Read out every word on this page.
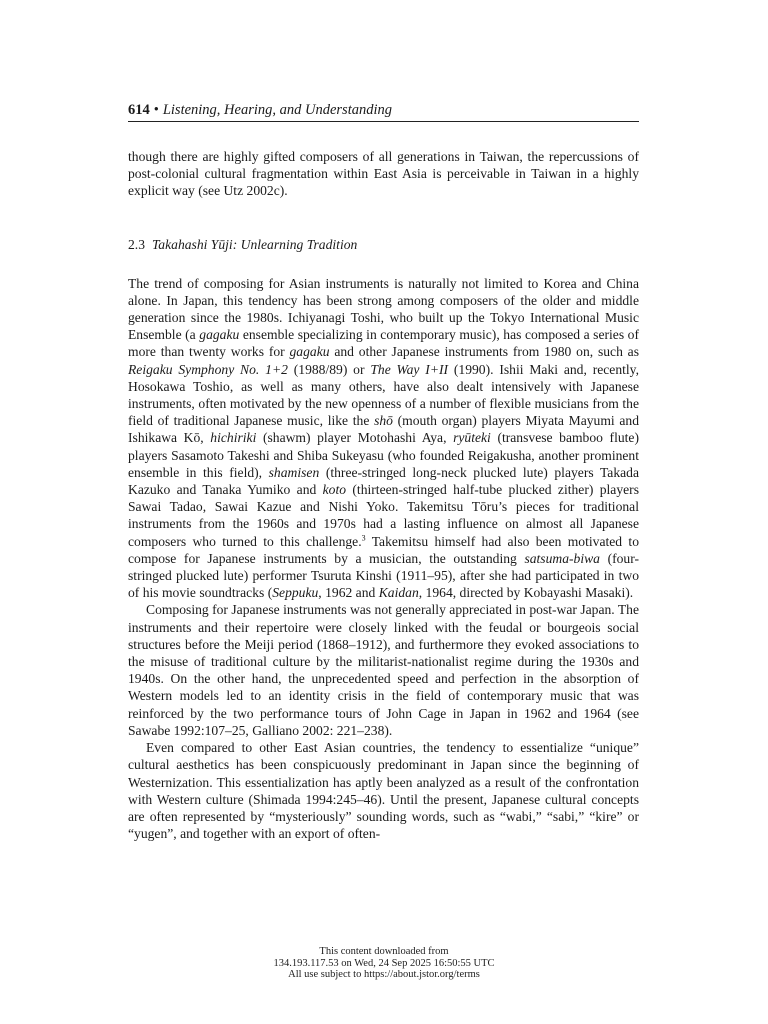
614 • Listening, Hearing, and Understanding

though there are highly gifted composers of all generations in Taiwan, the repercussions of post-colonial cultural fragmentation within East Asia is perceivable in Taiwan in a highly explicit way (see Utz 2002c).

2.3 Takahashi Yūji: Unlearning Tradition

The trend of composing for Asian instruments is naturally not limited to Korea and China alone. In Japan, this tendency has been strong among composers of the older and middle generation since the 1980s. Ichiyanagi Toshi, who built up the Tokyo International Music Ensemble (a gagaku ensemble specializing in contemporary music), has composed a series of more than twenty works for gagaku and other Japanese instruments from 1980 on, such as Reigaku Symphony No. 1+2 (1988/89) or The Way I+II (1990). Ishii Maki and, recently, Hosokawa Toshio, as well as many others, have also dealt intensively with Japanese instruments, often motivated by the new openness of a number of flexible musicians from the field of traditional Japanese music, like the shō (mouth organ) players Miyata Mayumi and Ishikawa Kō, hichiriki (shawm) player Motohashi Aya, ryūteki (transvese bamboo flute) players Sasamoto Takeshi and Shiba Sukeyasu (who founded Reigakusha, another prominent ensemble in this field), shamisen (three-stringed long-neck plucked lute) players Takada Kazuko and Tanaka Yumiko and koto (thirteen-stringed half-tube plucked zither) players Sawai Tadao, Sawai Kazue and Nishi Yoko. Takemitsu Tōru’s pieces for traditional instruments from the 1960s and 1970s had a lasting influence on almost all Japanese composers who turned to this challenge.$^3$ Takemitsu himself had also been motivated to compose for Japanese instruments by a musician, the outstanding satsuma-biwa (four-stringed plucked lute) performer Tsuruta Kinshi (1911–95), after she had participated in two of his movie soundtracks (Seppuku, 1962 and Kaidan, 1964, directed by Kobayashi Masaki).

Composing for Japanese instruments was not generally appreciated in post-war Japan. The instruments and their repertoire were closely linked with the feudal or bourgeois social structures before the Meiji period (1868–1912), and furthermore they evoked associations to the misuse of traditional culture by the militarist-nationalist regime during the 1930s and 1940s. On the other hand, the unprecedented speed and perfection in the absorption of Western models led to an identity crisis in the field of contemporary music that was reinforced by the two performance tours of John Cage in Japan in 1962 and 1964 (see Sawabe 1992:107–25, Galliano 2002: 221–238).

Even compared to other East Asian countries, the tendency to essentialize “unique” cultural aesthetics has been conspicuously predominant in Japan since the beginning of Westernization. This essentialization has aptly been analyzed as a result of the confrontation with Western culture (Shimada 1994:245–46). Until the present, Japanese cultural concepts are often represented by “mysteriously” sounding words, such as “wabi,” “sabi,” “kire” or “yugen”, and together with an export of often-

This content downloaded from
134.193.117.53 on Wed, 24 Sep 2025 16:50:55 UTC
All use subject to https://about.jstor.org/terms
